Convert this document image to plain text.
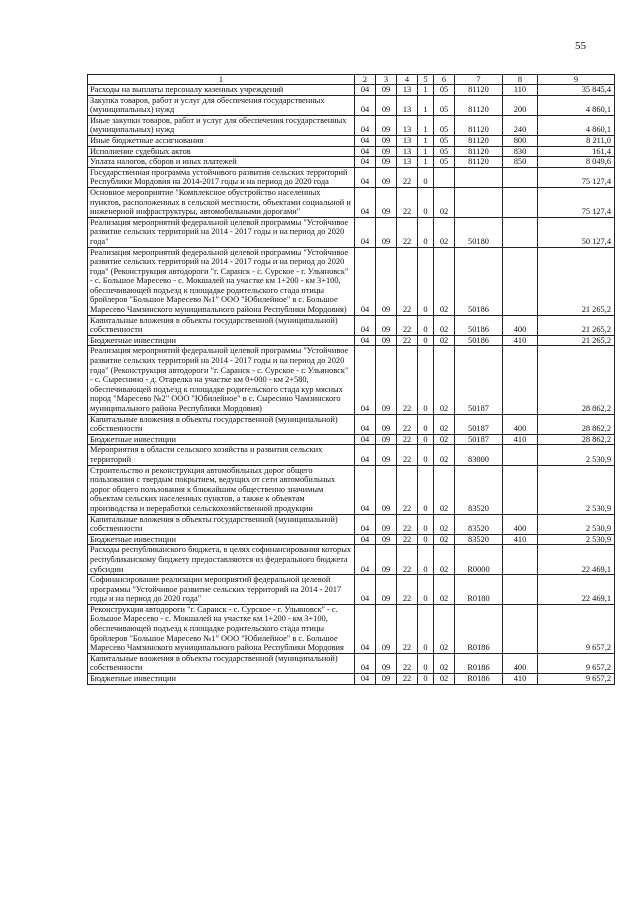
55
1	2	3	4	5	6	7	8	9
Расходы на выплаты персоналу казенных учреждений	04	09	13	1	05	81120	110	35 845,4
Закупка товаров, работ и услуг для обеспечения государственных (муниципальных) нужд	04	09	13	1	05	81120	200	4 860,1
Иные закупки товаров, работ и услуг для обеспечения государственных (муниципальных) нужд	04	09	13	1	05	81120	240	4 860,1
Иные бюджетные ассигнования	04	09	13	1	05	81120	800	8 211,0
Исполнение судебных актов	04	09	13	1	05	81120	830	161,4
Уплата налогов, сборов и иных платежей	04	09	13	1	05	81120	850	8 049,6
Государственная программа устойчивого развития сельских территорий Республики Мордовия на 2014-2017 годы и на период до 2020 года	04	09	22	0				75 127,4
Основное мероприятие "Комплексное обустройство населенных пунктов, расположенных в сельской местности, объектами социальной и инженерной инфраструктуры, автомобильными дорогами"	04	09	22	0	02			75 127,4
Реализация мероприятий федеральной целевой программы "Устойчивое развитие сельских территорий на 2014 - 2017 годы и на период до 2020 года"	04	09	22	0	02	50180		50 127,4
Реализация мероприятий федеральной целевой программы "Устойчивое развитие сельских территорий на 2014 - 2017 годы и на период до 2020 года" (Реконструкция автодороги "г. Саранск - с. Сурское - г. Ульяновск" - с. Большое Маресево - с. Мокшалей на участке км 1+200 - км 3+100, обеспечивающей подъезд к площадке родительского стада птицы бройлеров "Большое Маресево №1" ООО "Юбилейное" в с. Большое Маресево Чамзинского муниципального района Республики Мордовия)	04	09	22	0	02	50186		21 265,2
Капитальные вложения в объекты государственной (муниципальной) собственности	04	09	22	0	02	50186	400	21 265,2
Бюджетные инвестиции	04	09	22	0	02	50186	410	21 265,2
Реализация мероприятий федеральной целевой программы "Устойчивое развитие сельских территорий на 2014 - 2017 годы и на период до 2020 года" (Реконструкция автодороги "г. Саранск - с. Сурское - г. Ульяновск" - с. Сыреснино - д. Отарелка на участке км 0+000 - км 2+580, обеспечивающей подъезд к площадке родительского стада кур мясных пород "Маресево №2" ООО "Юбилейное" в с. Сыресино Чамзинского муниципального района Республики Мордовия)	04	09	22	0	02	50187		28 862,2
Капитальные вложения в объекты государственной (муниципальной) собственности	04	09	22	0	02	50187	400	28 862,2
Бюджетные инвестиции	04	09	22	0	02	50187	410	28 862,2
Мероприятия в области сельского хозяйства и развития сельских территорий	04	09	22	0	02	83000		2 530,9
Строительство и реконструкция автомобильных дорог общего пользования с твердым покрытием, ведущих от сети автомобильных дорог общего пользования к ближайшим общественно значимым объектам сельских населенных пунктов, а также к объектам производства и переработки сельскохозяйственной продукции	04	09	22	0	02	83520		2 530,9
Капитальные вложения в объекты государственной (муниципальной) собственности	04	09	22	0	02	83520	400	2 530,9
Бюджетные инвестиции	04	09	22	0	02	83520	410	2 530,9
Расходы республиканского бюджета, в целях софинансирования которых республиканскому бюджету предоставляются из федерального бюджета субсидии	04	09	22	0	02	R0000		22 469,1
Софинансирование реализации мероприятий федеральной целевой программы "Устойчивое развитие сельских территорий на 2014 - 2017 годы и на период до 2020 года"	04	09	22	0	02	R0180		22 469,1
Реконструкция автодороги "г. Саранск - с. Сурское - г. Ульяновск" - с. Большое Маресево - с. Мокшалей на участке км 1+200 - км 3+100, обеспечивающей подъезд к площадке родительского стада птицы бройлеров "Большое Маресево №1" ООО "Юбилейное" в с. Большое Маресево Чамзинского муниципального района Республики Мордовия	04	09	22	0	02	R0186		9 657,2
Капитальные вложения в объекты государственной (муниципальной) собственности	04	09	22	0	02	R0186	400	9 657,2
Бюджетные инвестиции	04	09	22	0	02	R0186	410	9 657,2
